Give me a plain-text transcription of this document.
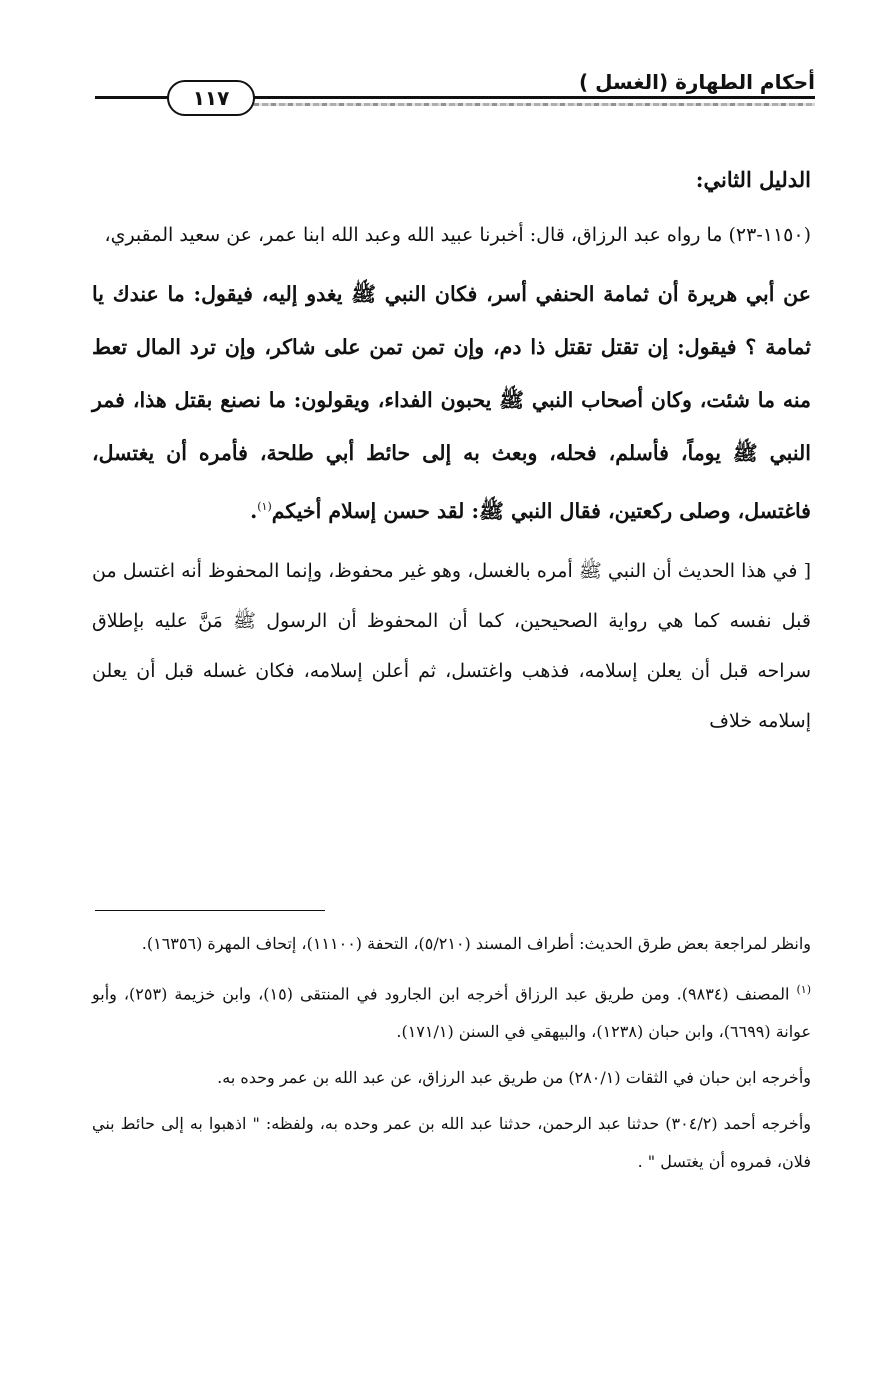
أحكام الطهارة (الغسل )
١١٧
الدليل الثاني:
(١١٥٠-٢٣) ما رواه عبد الرزاق، قال: أخبرنا عبيد الله وعبد الله ابنا عمر، عن سعيد المقبري،
عن أبي هريرة أن ثمامة الحنفي أسر، فكان النبي ﷺ يغدو إليه، فيقول: ما عندك يا ثمامة ؟ فيقول: إن تقتل تقتل ذا دم، وإن تمن تمن على شاكر، وإن ترد المال تعط منه ما شئت، وكان أصحاب النبي ﷺ يحبون الفداء، ويقولون: ما نصنع بقتل هذا، فمر النبي ﷺ يوماً، فأسلم، فحله، وبعث به إلى حائط أبي طلحة، فأمره أن يغتسل، فاغتسل، وصلى ركعتين، فقال النبي ﷺ: لقد حسن إسلام أخيكم$^{(١)}$.
[ في هذا الحديث أن النبي ﷺ أمره بالغسل، وهو غير محفوظ، وإنما المحفوظ أنه اغتسل من قبل نفسه كما هي رواية الصحيحين، كما أن المحفوظ أن الرسول ﷺ مَنَّ عليه بإطلاق سراحه قبل أن يعلن إسلامه، فذهب واغتسل، ثم أعلن إسلامه، فكان غسله قبل أن يعلن إسلامه خلاف
وانظر لمراجعة بعض طرق الحديث: أطراف المسند (٥/٢١٠)، التحفة (١١١٠٠)، إتحاف المهرة (١٦٣٥٦).
$^{(١)}$ المصنف (٩٨٣٤). ومن طريق عبد الرزاق أخرجه ابن الجارود في المنتقى (١٥)، وابن خزيمة (٢٥٣)، وأبو عوانة (٦٦٩٩)، وابن حبان (١٢٣٨)، والبيهقي في السنن (١٧١/١).
وأخرجه ابن حبان في الثقات (٢٨٠/١) من طريق عبد الرزاق، عن عبد الله بن عمر وحده به.
وأخرجه أحمد (٣٠٤/٢) حدثنا عبد الرحمن، حدثنا عبد الله بن عمر وحده به، ولفظه: " اذهبوا به إلى حائط بني فلان، فمروه أن يغتسل " .
